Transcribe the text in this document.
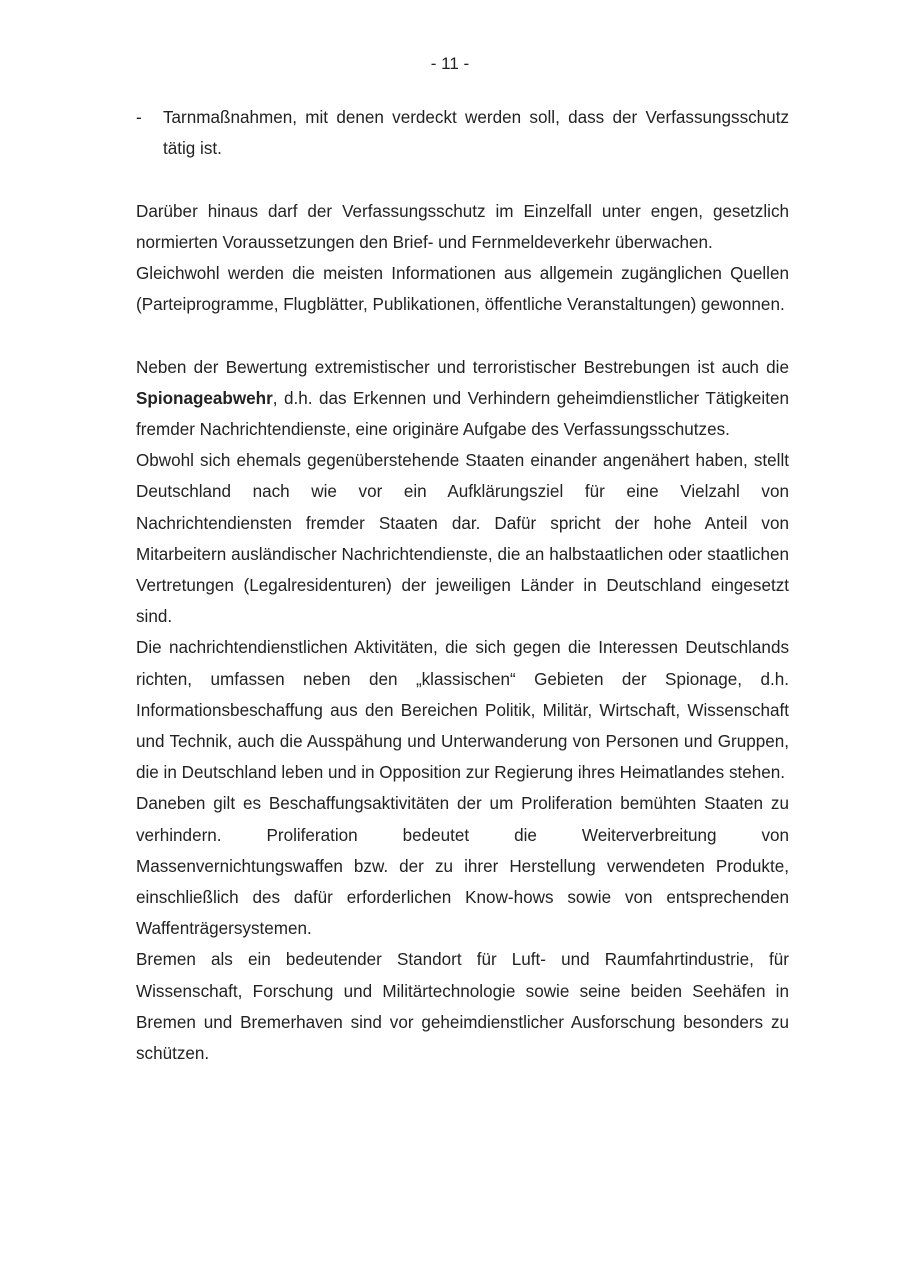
- 11 -

- Tarnmaßnahmen, mit denen verdeckt werden soll, dass der Verfassungsschutz tätig ist.

Darüber hinaus darf der Verfassungsschutz im Einzelfall unter engen, gesetzlich normierten Voraussetzungen den Brief- und Fernmeldeverkehr überwachen.

Gleichwohl werden die meisten Informationen aus allgemein zugänglichen Quellen (Parteiprogramme, Flugblätter, Publikationen, öffentliche Veranstaltungen) gewonnen.

Neben der Bewertung extremistischer und terroristischer Bestrebungen ist auch die Spionageabwehr, d.h. das Erkennen und Verhindern geheimdienstlicher Tätigkeiten fremder Nachrichtendienste, eine originäre Aufgabe des Verfassungsschutzes.

Obwohl sich ehemals gegenüberstehende Staaten einander angenähert haben, stellt Deutschland nach wie vor ein Aufklärungsziel für eine Vielzahl von Nachrichtendiensten fremder Staaten dar. Dafür spricht der hohe Anteil von Mitarbeitern ausländischer Nachrichtendienste, die an halbstaatlichen oder staatlichen Vertretungen (Legalresidenturen) der jeweiligen Länder in Deutschland eingesetzt sind.

Die nachrichtendienstlichen Aktivitäten, die sich gegen die Interessen Deutschlands richten, umfassen neben den „klassischen“ Gebieten der Spionage, d.h. Informationsbeschaffung aus den Bereichen Politik, Militär, Wirtschaft, Wissenschaft und Technik, auch die Ausspähung und Unterwanderung von Personen und Gruppen, die in Deutschland leben und in Opposition zur Regierung ihres Heimatlandes stehen.

Daneben gilt es Beschaffungsaktivitäten der um Proliferation bemühten Staaten zu verhindern. Proliferation bedeutet die Weiterverbreitung von Massenvernichtungswaffen bzw. der zu ihrer Herstellung verwendeten Produkte, einschließlich des dafür erforderlichen Know-hows sowie von entsprechenden Waffenträgersystemen.

Bremen als ein bedeutender Standort für Luft- und Raumfahrtindustrie, für Wissenschaft, Forschung und Militärtechnologie sowie seine beiden Seehäfen in Bremen und Bremerhaven sind vor geheimdienstlicher Ausforschung besonders zu schützen.
